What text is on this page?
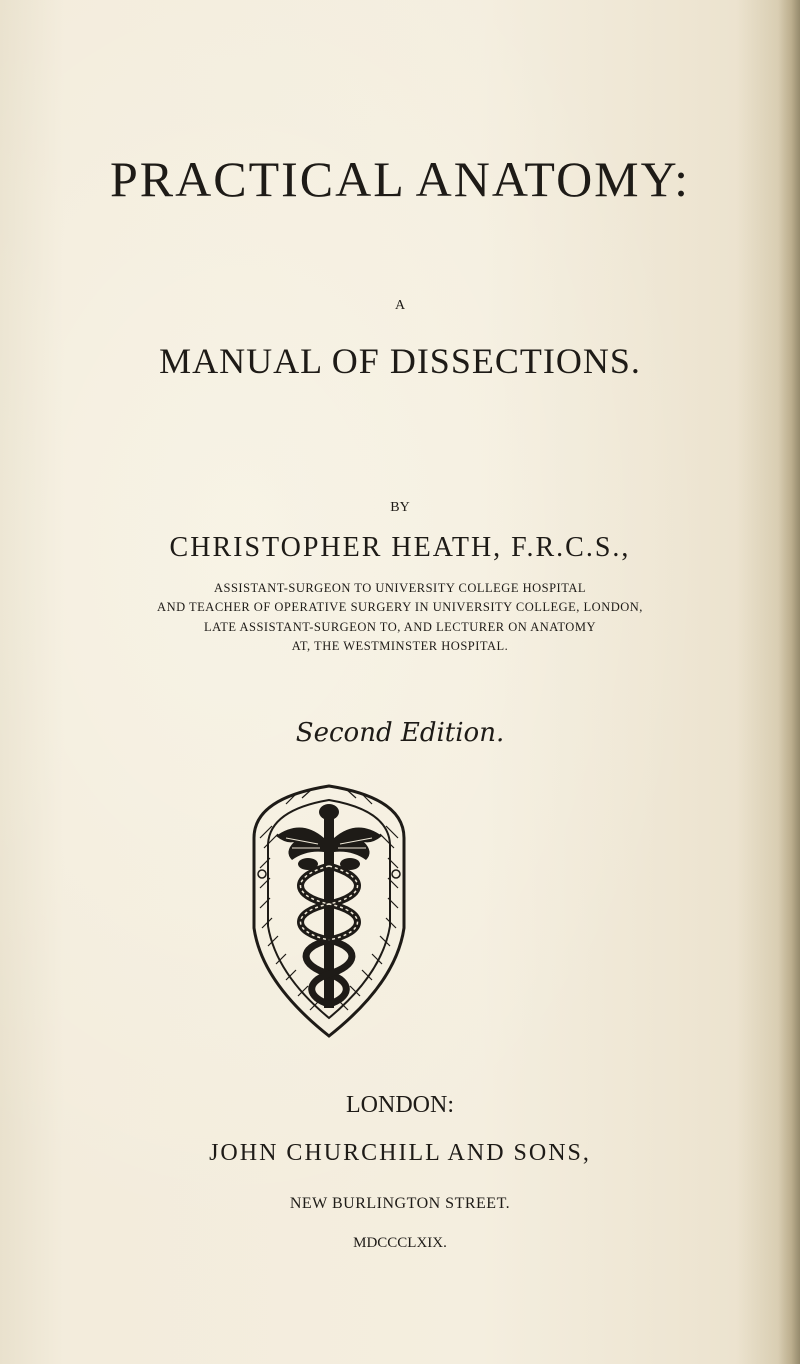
PRACTICAL ANATOMY:
A
MANUAL OF DISSECTIONS.
BY
CHRISTOPHER HEATH, F.R.C.S.,
ASSISTANT-SURGEON TO UNIVERSITY COLLEGE HOSPITAL
AND TEACHER OF OPERATIVE SURGERY IN UNIVERSITY COLLEGE, LONDON,
LATE ASSISTANT-SURGEON TO, AND LECTURER ON ANATOMY
AT, THE WESTMINSTER HOSPITAL.
Second Edition.
LONDON:
JOHN CHURCHILL AND SONS,
NEW BURLINGTON STREET.
MDCCCLXIX.
